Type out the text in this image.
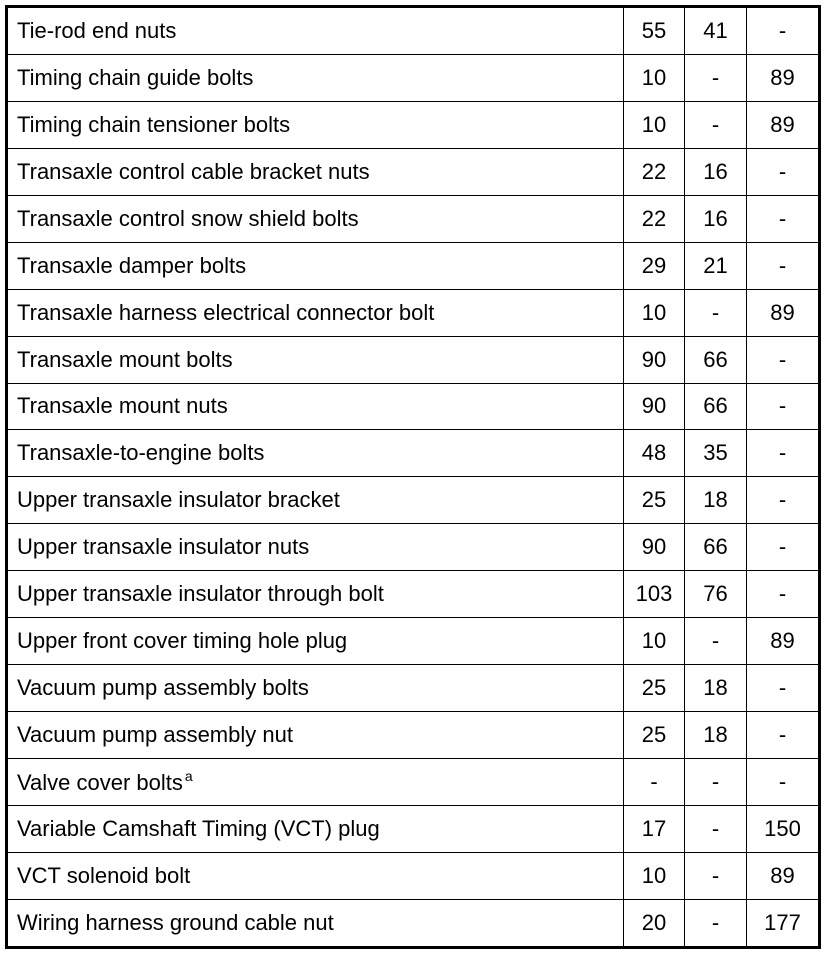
Tie-rod end nuts	55	41	-
Timing chain guide bolts	10	-	89
Timing chain tensioner bolts	10	-	89
Transaxle control cable bracket nuts	22	16	-
Transaxle control snow shield bolts	22	16	-
Transaxle damper bolts	29	21	-
Transaxle harness electrical connector bolt	10	-	89
Transaxle mount bolts	90	66	-
Transaxle mount nuts	90	66	-
Transaxle-to-engine bolts	48	35	-
Upper transaxle insulator bracket	25	18	-
Upper transaxle insulator nuts	90	66	-
Upper transaxle insulator through bolt	103	76	-
Upper front cover timing hole plug	10	-	89
Vacuum pump assembly bolts	25	18	-
Vacuum pump assembly nut	25	18	-
Valve cover bolts $^a$	-	-	-
Variable Camshaft Timing (VCT) plug	17	-	150
VCT solenoid bolt	10	-	89
Wiring harness ground cable nut	20	-	177
